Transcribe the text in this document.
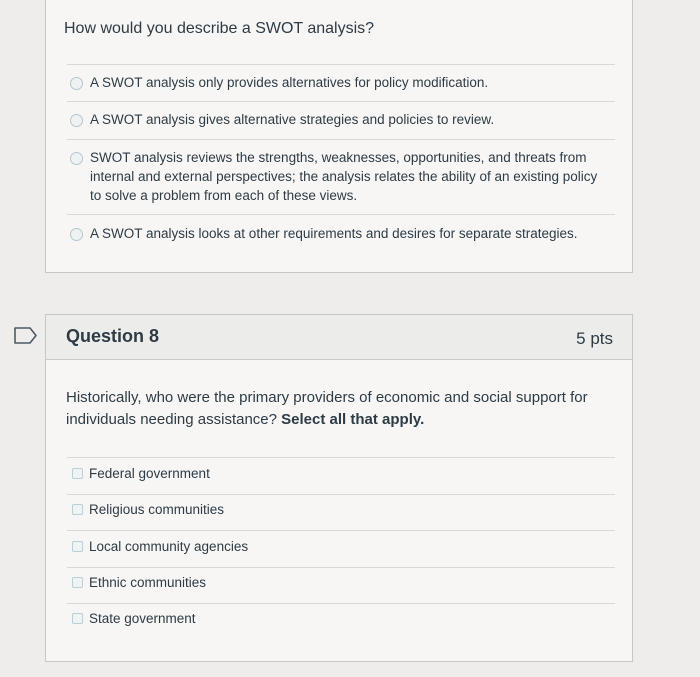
How would you describe a SWOT analysis?
A SWOT analysis only provides alternatives for policy modification.
A SWOT analysis gives alternative strategies and policies to review.
SWOT analysis reviews the strengths, weaknesses, opportunities, and threats from internal and external perspectives; the analysis relates the ability of an existing policy to solve a problem from each of these views.
A SWOT analysis looks at other requirements and desires for separate strategies.
Question 8	5 pts
Historically, who were the primary providers of economic and social support for individuals needing assistance? Select all that apply.
Federal government
Religious communities
Local community agencies
Ethnic communities
State government
